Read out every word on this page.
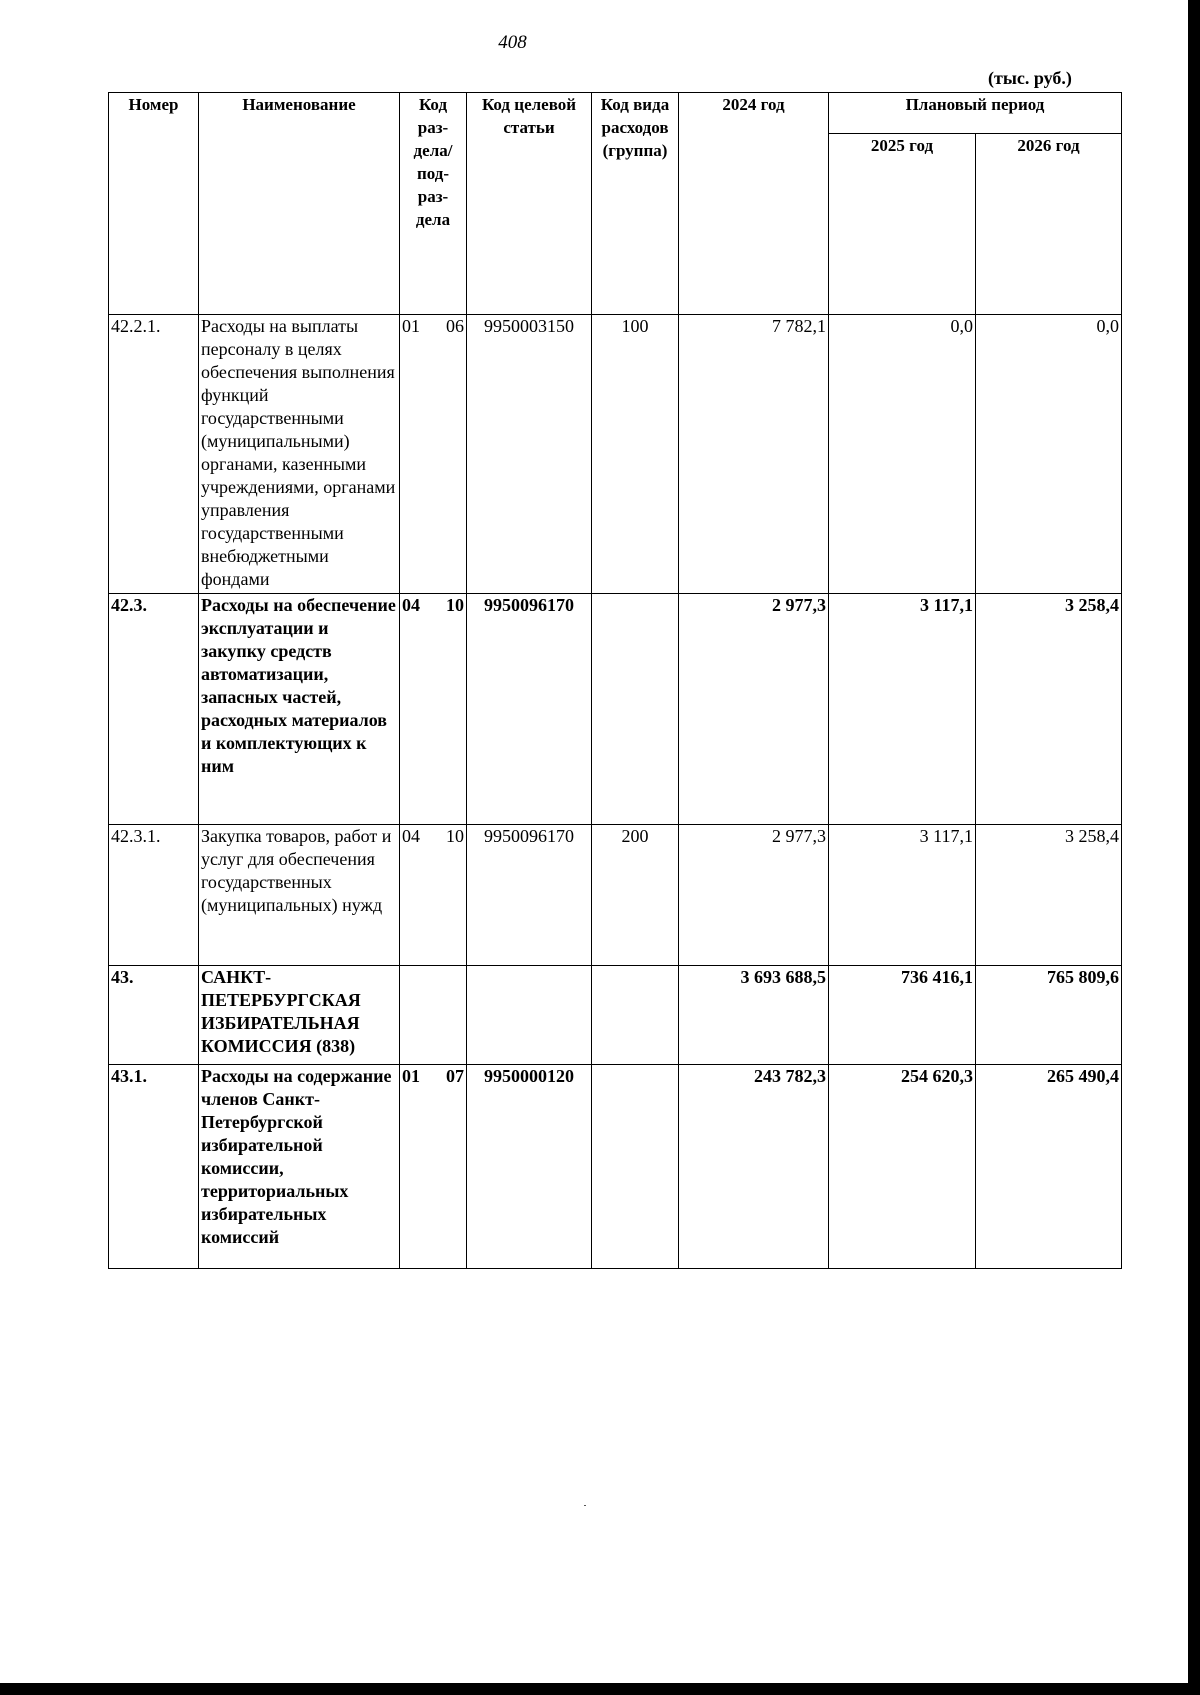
408
(тыс. руб.)
Номер	Наименование	Код раз-дела/ под-раз-дела	Код целевой статьи	Код вида расходов (группа)	2024 год	Плановый период	
						2025 год	2026 год
42.2.1.	Расходы на выплаты персоналу в целях обеспечения выполнения функций государственными (муниципальными) органами, казенными учреждениями, органами управления государственными внебюджетными фондами	01 06	9950003150	100	7 782,1	0,0	0,0
42.3.	Расходы на обеспечение эксплуатации и закупку средств автоматизации, запасных частей, расходных материалов и комплектующих к ним	04 10	9950096170		2 977,3	3 117,1	3 258,4
42.3.1.	Закупка товаров, работ и услуг для обеспечения государственных (муниципальных) нужд	04 10	9950096170	200	2 977,3	3 117,1	3 258,4
43.	САНКТ-ПЕТЕРБУРГСКАЯ ИЗБИРАТЕЛЬНАЯ КОМИССИЯ (838)				3 693 688,5	736 416,1	765 809,6
43.1.	Расходы на содержание членов Санкт-Петербургской избирательной комиссии, территориальных избирательных комиссий	01 07	9950000120		243 782,3	254 620,3	265 490,4
